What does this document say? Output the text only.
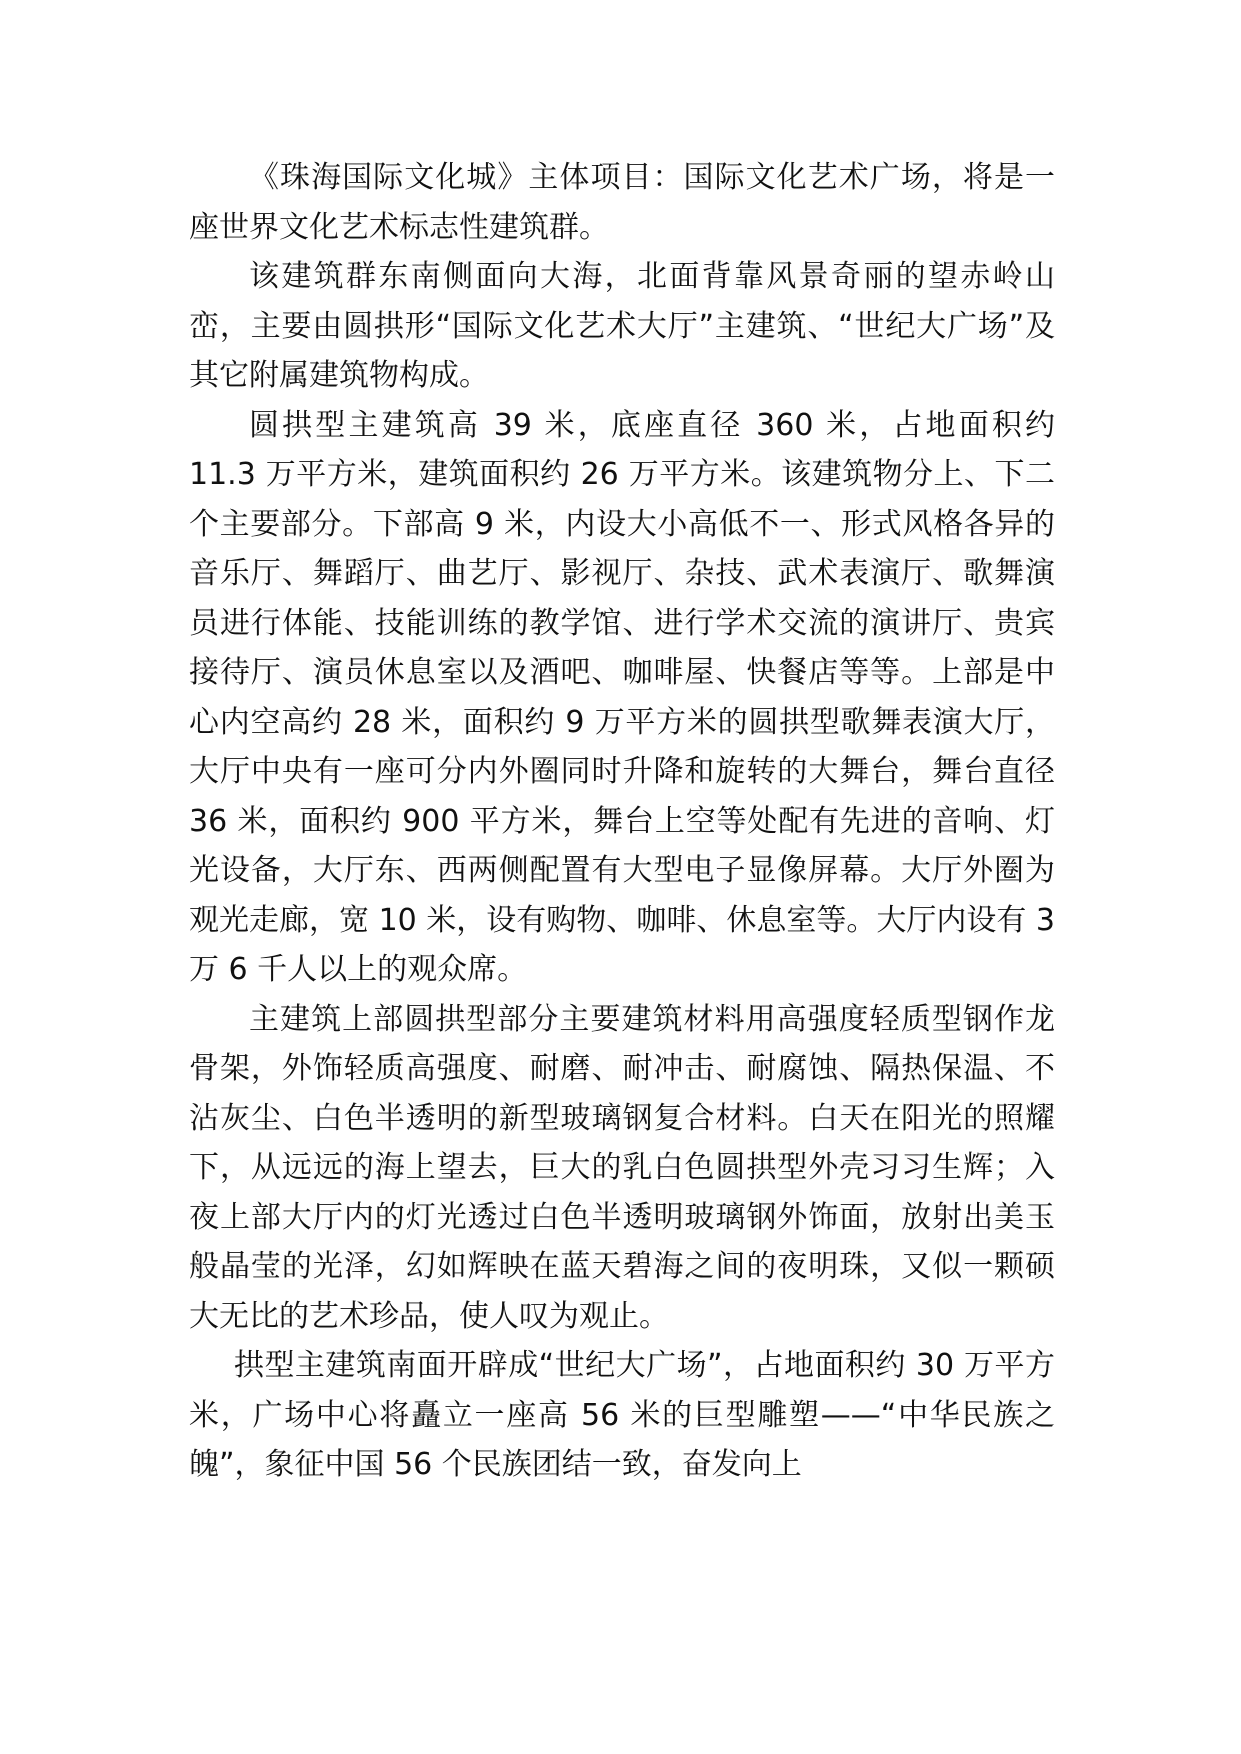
《珠海国际文化城》主体项目：国际文化艺术广场，将是一座世界文化艺术标志性建筑群。

该建筑群东南侧面向大海，北面背靠风景奇丽的望赤岭山峦，主要由圆拱形“国际文化艺术大厅”主建筑、“世纪大广场”及其它附属建筑物构成。

圆拱型主建筑高 39 米，底座直径 360 米，占地面积约 11.3 万平方米，建筑面积约 26 万平方米。该建筑物分上、下二个主要部分。下部高 9 米，内设大小高低不一、形式风格各异的音乐厅、舞蹈厅、曲艺厅、影视厅、杂技、武术表演厅、歌舞演员进行体能、技能训练的教学馆、进行学术交流的演讲厅、贵宾接待厅、演员休息室以及酒吧、咖啡屋、快餐店等等。上部是中心内空高约 28 米，面积约 9 万平方米的圆拱型歌舞表演大厅，大厅中央有一座可分内外圈同时升降和旋转的大舞台，舞台直径 36 米，面积约 900 平方米，舞台上空等处配有先进的音响、灯光设备，大厅东、西两侧配置有大型电子显像屏幕。大厅外圈为观光走廊，宽 10 米，设有购物、咖啡、休息室等。大厅内设有 3 万 6 千人以上的观众席。

主建筑上部圆拱型部分主要建筑材料用高强度轻质型钢作龙骨架，外饰轻质高强度、耐磨、耐冲击、耐腐蚀、隔热保温、不沾灰尘、白色半透明的新型玻璃钢复合材料。白天在阳光的照耀下，从远远的海上望去，巨大的乳白色圆拱型外壳习习生辉；入夜上部大厅内的灯光透过白色半透明玻璃钢外饰面，放射出美玉般晶莹的光泽，幻如辉映在蓝天碧海之间的夜明珠，又似一颗硕大无比的艺术珍品，使人叹为观止。

拱型主建筑南面开辟成“世纪大广场”，占地面积约 30 万平方米，广场中心将矗立一座高 56 米的巨型雕塑——“中华民族之魄”，象征中国 56 个民族团结一致，奋发向上
